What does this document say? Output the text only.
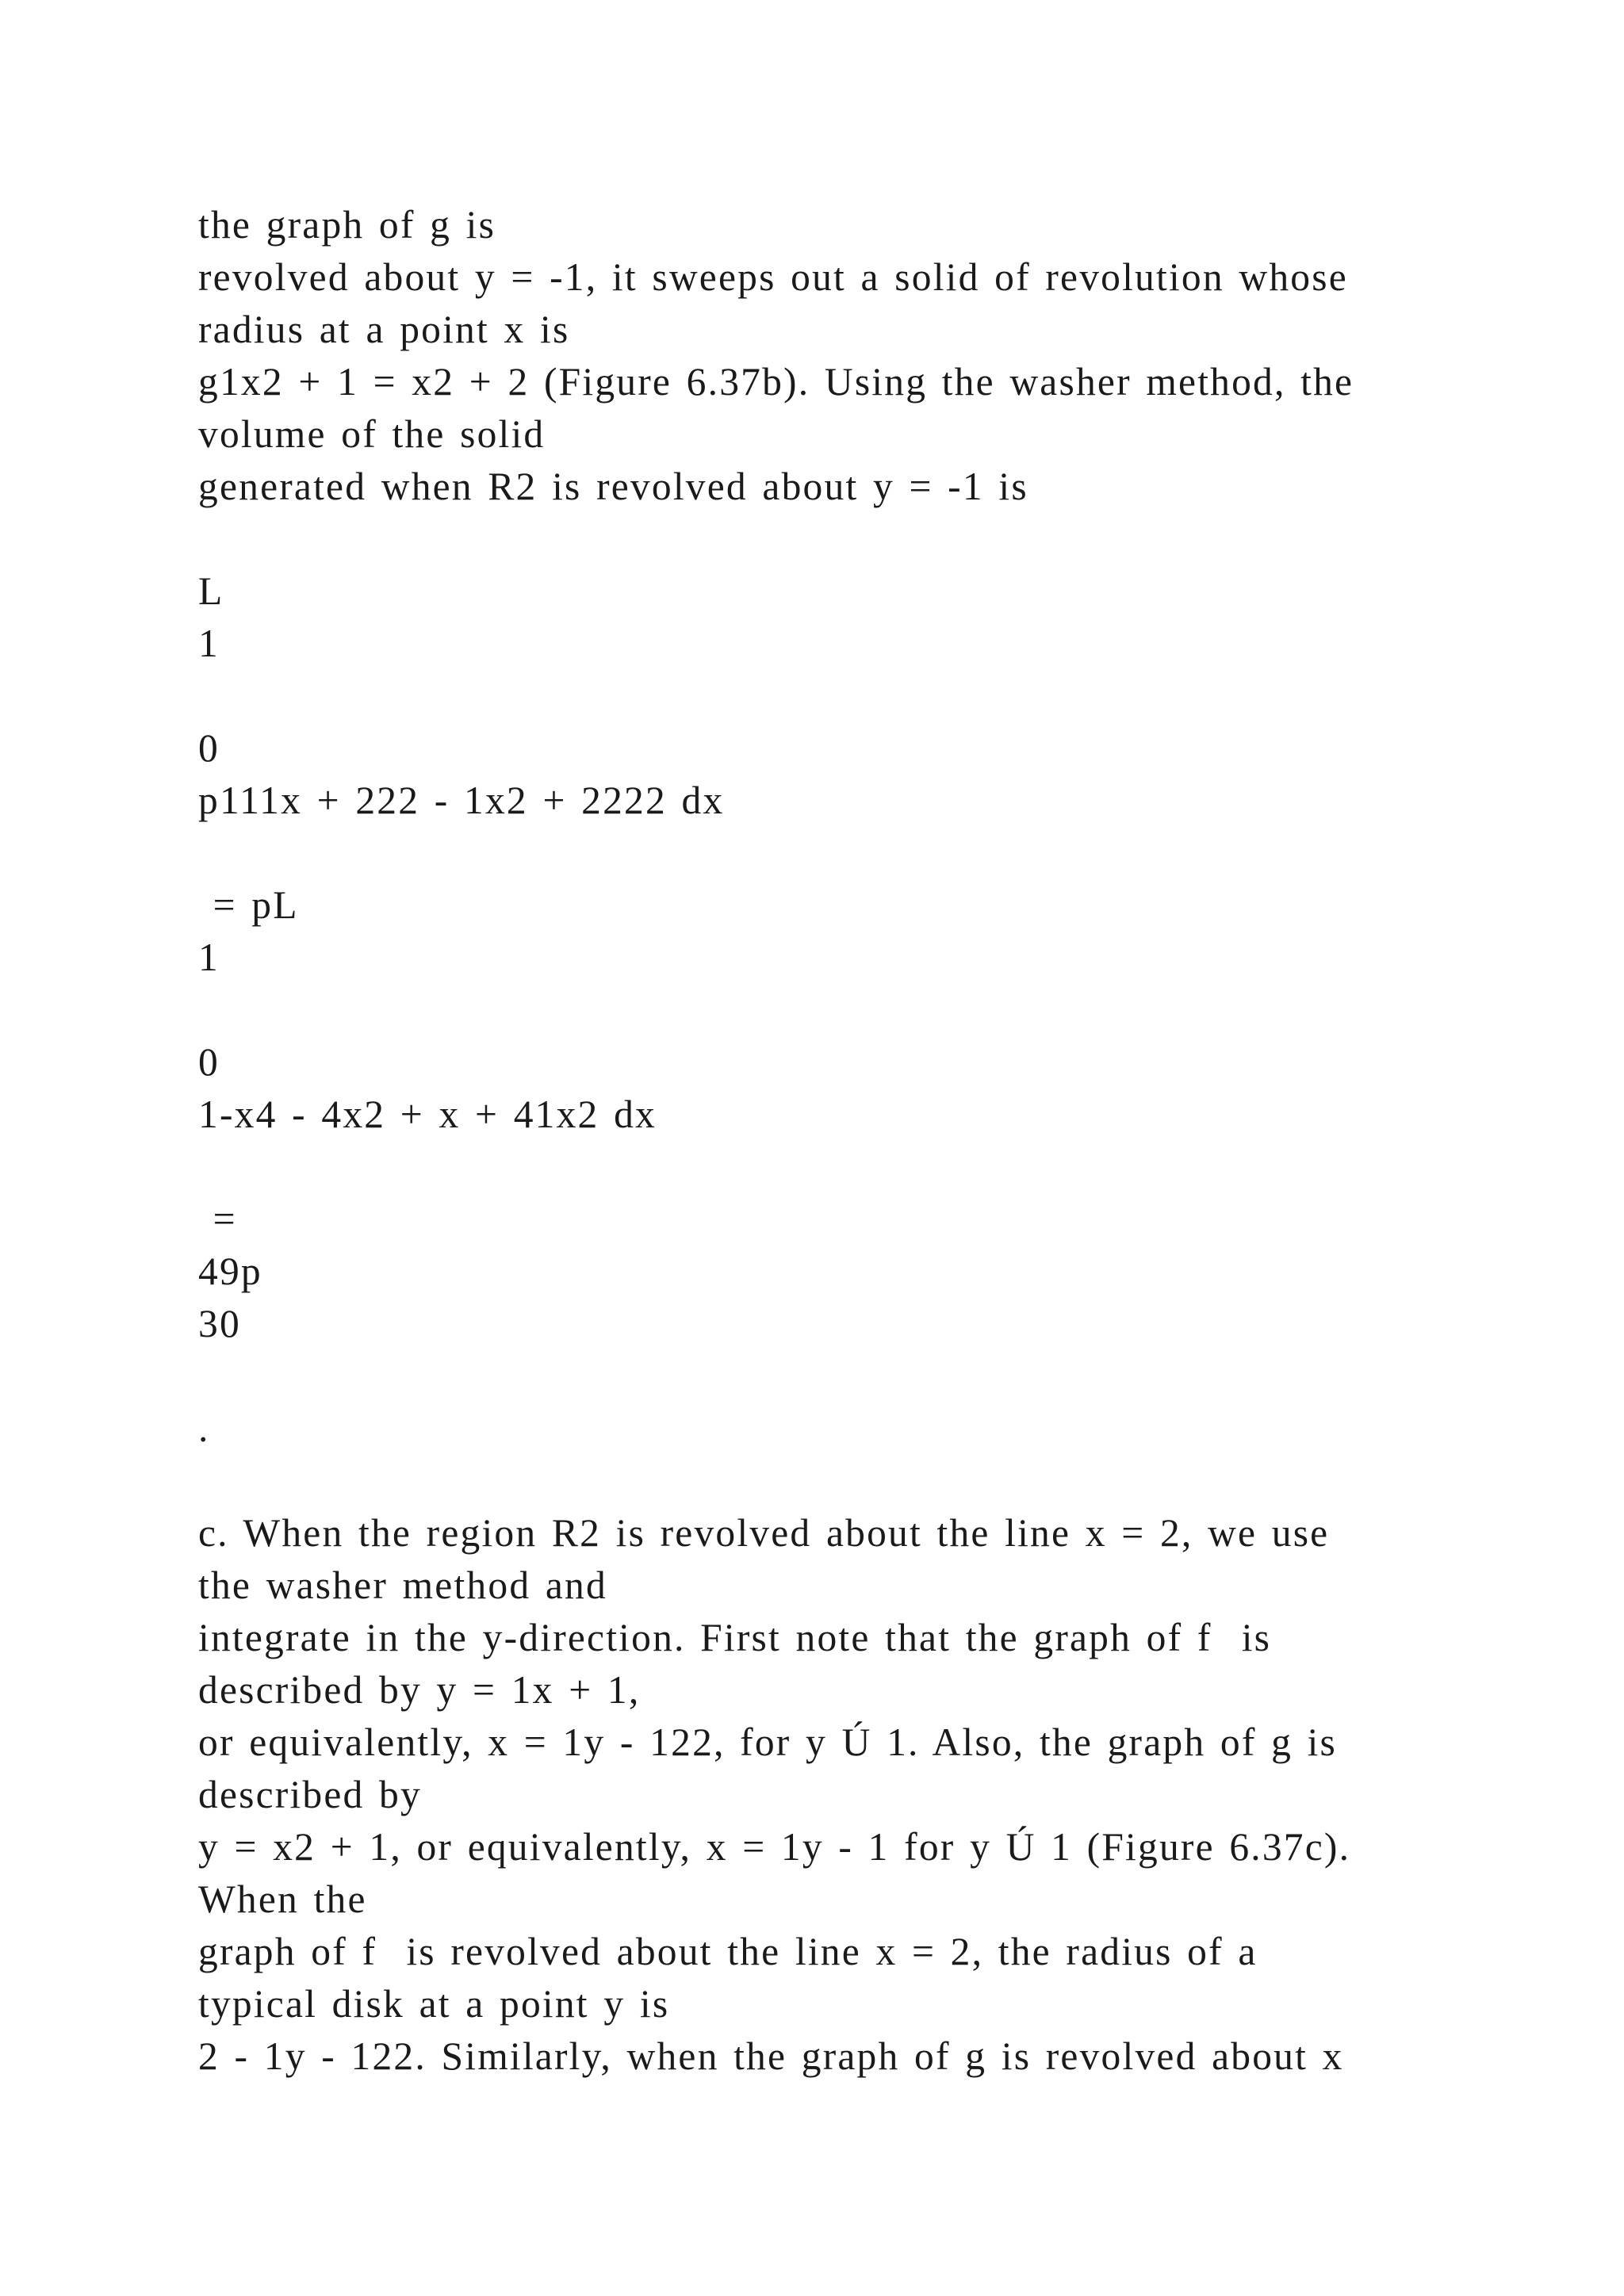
the graph of g is
revolved about y = -1, it sweeps out a solid of revolution whose
radius at a point x is
g1x2 + 1 = x2 + 2 (Figure 6.37b). Using the washer method, the
volume of the solid
generated when R2 is revolved about y = -1 is
L
1
0
p111x + 222 - 1x2 + 2222 dx
= pL
1
0
1-x4 - 4x2 + x + 41x2 dx
=
49p
30
.
c. When the region R2 is revolved about the line x = 2, we use
the washer method and
integrate in the y-direction. First note that the graph of f  is
described by y = 1x + 1,
or equivalently, x = 1y - 122, for y Ú 1. Also, the graph of g is
described by
y = x2 + 1, or equivalently, x = 1y - 1 for y Ú 1 (Figure 6.37c).
When the
graph of f  is revolved about the line x = 2, the radius of a
typical disk at a point y is
2 - 1y - 122. Similarly, when the graph of g is revolved about x
